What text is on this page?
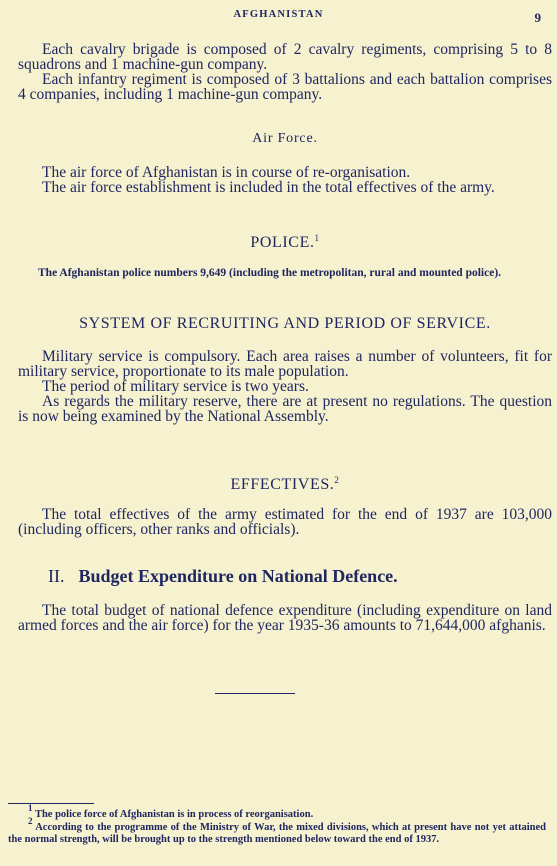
AFGHANISTAN	9

Each cavalry brigade is composed of 2 cavalry regiments, comprising 5 to 8 squadrons and 1 machine-gun company.

Each infantry regiment is composed of 3 battalions and each battalion comprises 4 companies, including 1 machine-gun company.

Air Force.

The air force of Afghanistan is in course of re-organisation.

The air force establishment is included in the total effectives of the army.

POLICE.$^1$

The Afghanistan police numbers 9,649 (including the metropolitan, rural and mounted police).

SYSTEM OF RECRUITING AND PERIOD OF SERVICE.

Military service is compulsory. Each area raises a number of volunteers, fit for military service, proportionate to its male population.

The period of military service is two years.

As regards the military reserve, there are at present no regulations. The question is now being examined by the National Assembly.

EFFECTIVES.$^2$

The total effectives of the army estimated for the end of 1937 are 103,000 (including officers, other ranks and officials).

II. Budget Expenditure on National Defence.

The total budget of national defence expenditure (including expenditure on land armed forces and the air force) for the year 1935-36 amounts to 71,644,000 afghanis.

$^1$ The police force of Afghanistan is in process of reorganisation.
$^2$ According to the programme of the Ministry of War, the mixed divisions, which at present have not yet attained the normal strength, will be brought up to the strength mentioned below toward the end of 1937.
